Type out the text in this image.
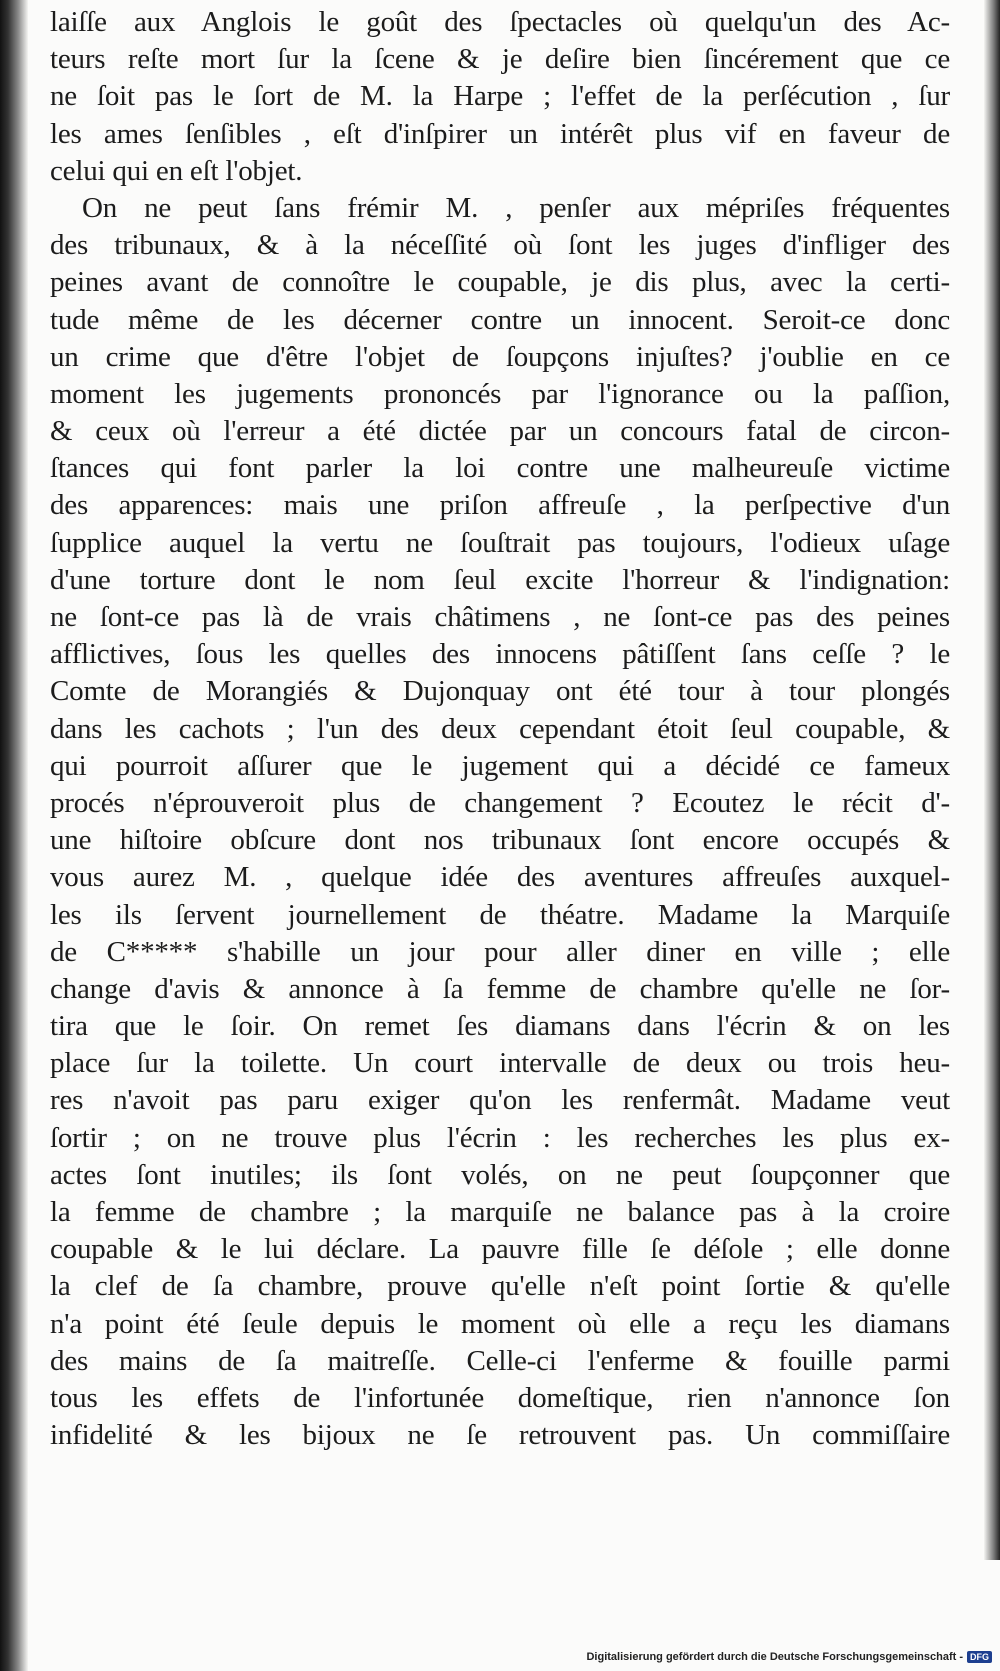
laiſſe aux Anglois le goût des ſpectacles où quelqu'un des Ac-
teurs reſte mort ſur la ſcene & je deſire bien ſincérement que ce
ne ſoit pas le ſort de M. la Harpe ; l'effet de la perſécution , ſur
les ames ſenſibles , eſt d'inſpirer un intérêt plus vif en faveur de
celui qui en eſt l'objet.
On ne peut ſans frémir M. , penſer aux mépriſes fréquentes
des tribunaux, & à la néceſſité où ſont les juges d'infliger des
peines avant de connoître le coupable, je dis plus, avec la certi-
tude même de les décerner contre un innocent. Seroit-ce donc
un crime que d'être l'objet de ſoupçons injuſtes? j'oublie en ce
moment les jugements prononcés par l'ignorance ou la paſſion,
& ceux où l'erreur a été dictée par un concours fatal de circon-
ſtances qui font parler la loi contre une malheureuſe victime
des apparences: mais une priſon affreuſe , la perſpective d'un
ſupplice auquel la vertu ne ſouſtrait pas toujours, l'odieux uſage
d'une torture dont le nom ſeul excite l'horreur & l'indignation:
ne ſont-ce pas là de vrais châtimens , ne ſont-ce pas des peines
afflictives, ſous les quelles des innocens pâtiſſent ſans ceſſe ? le
Comte de Morangiés & Dujonquay ont été tour à tour plongés
dans les cachots ; l'un des deux cependant étoit ſeul coupable, &
qui pourroit aſſurer que le jugement qui a décidé ce fameux
procés n'éprouveroit plus de changement ? Ecoutez le récit d'-
une hiſtoire obſcure dont nos tribunaux ſont encore occupés &
vous aurez M. , quelque idée des aventures affreuſes auxquel-
les ils ſervent journellement de théatre. Madame la Marquiſe
de C***** s'habille un jour pour aller diner en ville ; elle
change d'avis & annonce à ſa femme de chambre qu'elle ne ſor-
tira que le ſoir. On remet ſes diamans dans l'écrin & on les
place ſur la toilette. Un court intervalle de deux ou trois heu-
res n'avoit pas paru exiger qu'on les renfermât. Madame veut
ſortir ; on ne trouve plus l'écrin : les recherches les plus ex-
actes ſont inutiles; ils ſont volés, on ne peut ſoupçonner que
la femme de chambre ; la marquiſe ne balance pas à la croire
coupable & le lui déclare. La pauvre fille ſe déſole ; elle donne
la clef de ſa chambre, prouve qu'elle n'eſt point ſortie & qu'elle
n'a point été ſeule depuis le moment où elle a reçu les diamans
des mains de ſa maitreſſe. Celle-ci l'enferme & fouille parmi
tous les effets de l'infortunée domeſtique, rien n'annonce ſon
infidelité & les bijoux ne ſe retrouvent pas. Un commiſſaire
Digitalisierung gefördert durch die Deutsche Forschungsgemeinschaft - DFG
